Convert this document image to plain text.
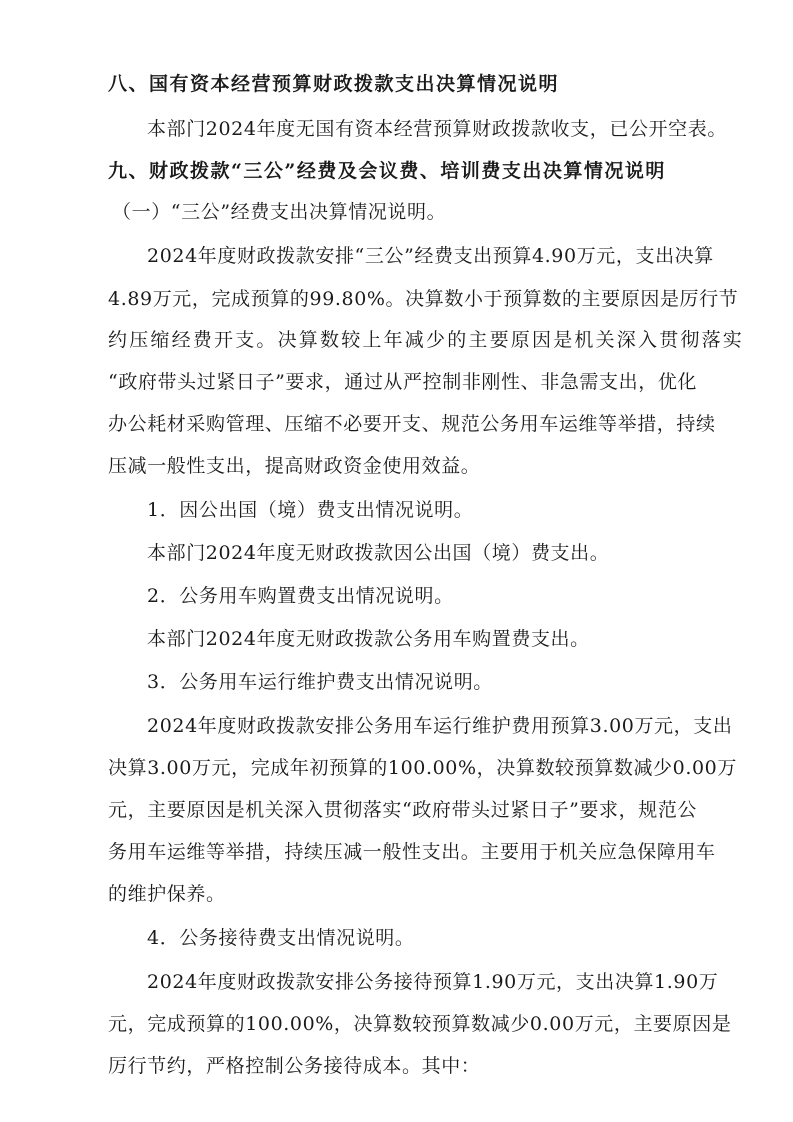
八、国有资本经营预算财政拨款支出决算情况说明
本部门2024年度无国有资本经营预算财政拨款收支，已公开空表。
九、财政拨款“三公”经费及会议费、培训费支出决算情况说明
（一）“三公”经费支出决算情况说明。
2024年度财政拨款安排“三公”经费支出预算4.90万元，支出决算
4.89万元，完成预算的99.80%。决算数小于预算数的主要原因是厉行节
约压缩经费开支。决算数较上年减少的主要原因是机关深入贯彻落实
“政府带头过紧日子”要求，通过从严控制非刚性、非急需支出，优化
办公耗材采购管理、压缩不必要开支、规范公务用车运维等举措，持续
压减一般性支出，提高财政资金使用效益。
1．因公出国（境）费支出情况说明。
本部门2024年度无财政拨款因公出国（境）费支出。
2．公务用车购置费支出情况说明。
本部门2024年度无财政拨款公务用车购置费支出。
3．公务用车运行维护费支出情况说明。
2024年度财政拨款安排公务用车运行维护费用预算3.00万元，支出
决算3.00万元，完成年初预算的100.00%，决算数较预算数减少0.00万
元，主要原因是机关深入贯彻落实“政府带头过紧日子”要求，规范公
务用车运维等举措，持续压减一般性支出。主要用于机关应急保障用车
的维护保养。
4．公务接待费支出情况说明。
2024年度财政拨款安排公务接待预算1.90万元，支出决算1.90万
元，完成预算的100.00%，决算数较预算数减少0.00万元，主要原因是
厉行节约，严格控制公务接待成本。其中：
